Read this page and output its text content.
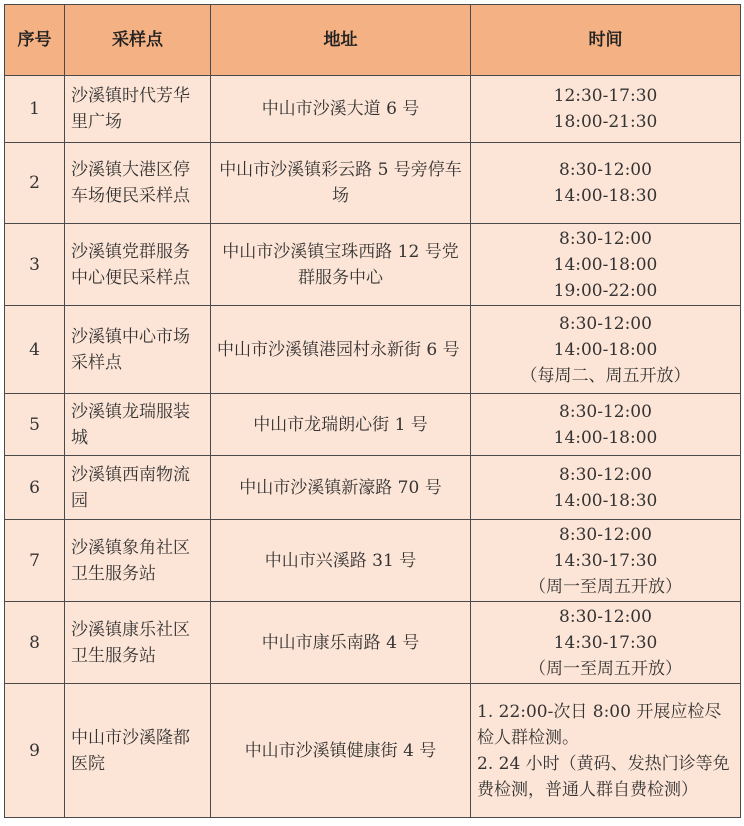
序号	采样点	地址	时间
1	沙溪镇时代芳华里广场	中山市沙溪大道 6 号	12:30-17:30
18:00-21:30

2	沙溪镇大港区停车场便民采样点	中山市沙溪镇彩云路 5 号旁停车场	8:30-12:00
14:00-18:30

3	沙溪镇党群服务中心便民采样点	中山市沙溪镇宝珠西路 12 号党群服务中心	8:30-12:00
14:00-18:00
19:00-22:00

4	沙溪镇中心市场采样点	中山市沙溪镇港园村永新街 6 号	8:30-12:00
14:00-18:00
（每周二、周五开放）

5	沙溪镇龙瑞服装城	中山市龙瑞朗心街 1 号	8:30-12:00
14:00-18:00

6	沙溪镇西南物流园	中山市沙溪镇新濠路 70 号	8:30-12:00
14:00-18:30

7	沙溪镇象角社区卫生服务站	中山市兴溪路 31 号	8:30-12:00
14:30-17:30
（周一至周五开放）

8	沙溪镇康乐社区卫生服务站	中山市康乐南路 4 号	8:30-12:00
14:30-17:30
（周一至周五开放）

9	中山市沙溪隆都医院	中山市沙溪镇健康街 4 号	1. 22:00-次日 8:00 开展应检尽检人群检测。
2. 24 小时（黄码、发热门诊等免费检测，普通人群自费检测）
